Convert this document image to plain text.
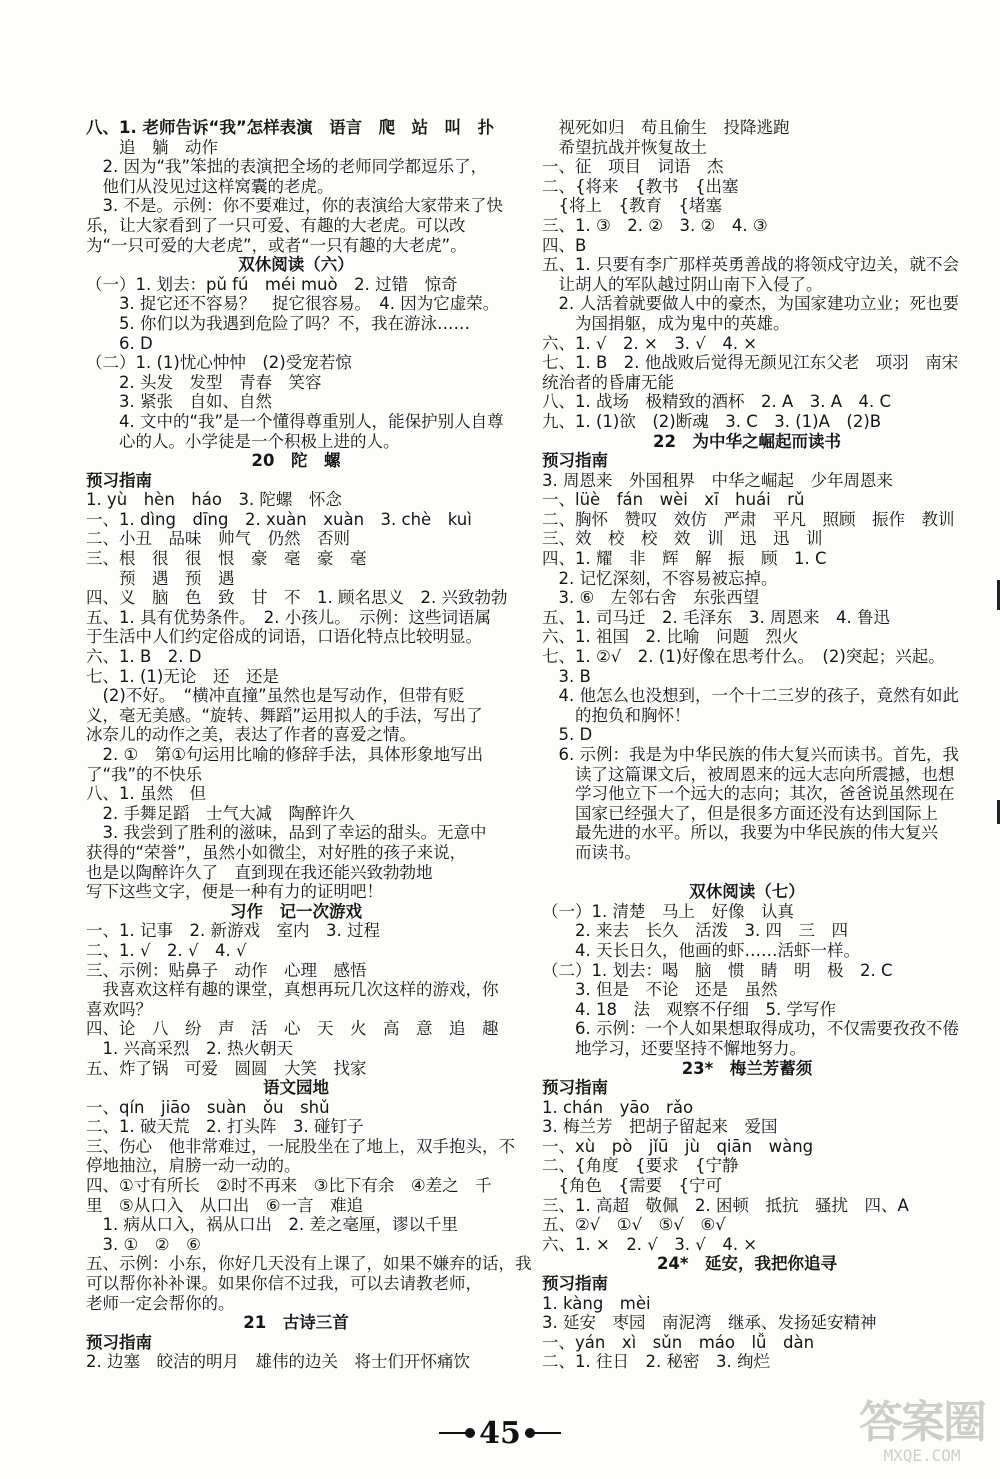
八、1. 老师告诉“我”怎样表演　语言　爬　站　叫　扑
追　躺　动作
2. 因为“我”笨拙的表演把全场的老师同学都逗乐了，
他们从没见过这样窝囊的老虎。
3. 不是。示例：你不要难过，你的表演给大家带来了快
乐，让大家看到了一只可爱、有趣的大老虎。可以改
为“一只可爱的大老虎”，或者“一只有趣的大老虎”。
双休阅读（六）
（一）1. 划去：pǔ fú　méi muò　2. 过错　惊奇
3. 捉它还不容易？　捉它很容易。　4. 因为它虚荣。
5. 你们以为我遇到危险了吗？不，我在游泳……
6. D
（二）1. (1)忧心忡忡　(2)受宠若惊
2. 头发　发型　青春　笑容
3. 紧张　自如、自然
4. 文中的“我”是一个懂得尊重别人，能保护别人自尊
心的人。小学徒是一个积极上进的人。
20　陀　螺
预习指南
1. yù　hèn　háo　3. 陀螺　怀念
一、1. dìng　dīng　2. xuàn　xuàn　3. chè　kuì
二、小丑　品味　帅气　仍然　否则
三、根　很　很　恨　豪　毫　豪　毫
预　遇　预　遇
四、义　脑　色　致　甘　不　1. 顾名思义　2. 兴致勃勃
五、1. 具有优势条件。　2. 小孩儿。　示例：这些词语属
于生活中人们约定俗成的词语，口语化特点比较明显。
六、1. B　2. D
七、1. (1)无论　还　还是
(2)不好。　“横冲直撞”虽然也是写动作，但带有贬
义，毫无美感。“旋转、舞蹈”运用拟人的手法，写出了
冰奈儿的动作之美，表达了作者的喜爱之情。
2. ①　第①句运用比喻的修辞手法，具体形象地写出
了“我”的不快乐
八、1. 虽然　但
2. 手舞足蹈　士气大减　陶醉许久
3. 我尝到了胜利的滋味，品到了幸运的甜头。无意中
获得的“荣誉”，虽然小如微尘，对好胜的孩子来说，
也是以陶醉许久了　直到现在我还能兴致勃勃地
写下这些文字，便是一种有力的证明吧！
习作　记一次游戏
一、1. 记事　2. 新游戏　室内　3. 过程
二、1. √　2. √　4. √
三、示例：贴鼻子　动作　心理　感悟
我喜欢这样有趣的课堂，真想再玩几次这样的游戏，你
喜欢吗？
四、论　八　纷　声　活　心　天　火　高　意　追　趣
1. 兴高采烈　2. 热火朝天
五、炸了锅　可爱　圆圆　大笑　找家
语文园地
一、qín　jiāo　suàn　ǒu　shǔ
二、1. 破天荒　2. 打头阵　3. 碰钉子
三、伤心　他非常难过，一屁股坐在了地上，双手抱头，不
停地抽泣，肩膀一动一动的。
四、①寸有所长　②时不再来　③比下有余　④差之　千
里　⑤从口入　从口出　⑥一言　难追
1. 病从口入，祸从口出　2. 差之毫厘，谬以千里
3. ①　②　⑥
五、示例：小东，你好几天没有上课了，如果不嫌弃的话，我
可以帮你补补课。如果你信不过我，可以去请教老师，
老师一定会帮你的。
21　古诗三首
预习指南
2. 边塞　皎洁的明月　雄伟的边关　将士们开怀痛饮
视死如归　苟且偷生　投降逃跑
希望抗战并恢复故土
一、征　项目　词语　杰
二、{将来　{教书　{出塞
{将上　{教育　{堵塞
三、1. ③　2. ②　3. ②　4. ③
四、B
五、1. 只要有李广那样英勇善战的将领戍守边关，就不会
让胡人的军队越过阴山南下入侵了。
2. 人活着就要做人中的豪杰，为国家建功立业；死也要
为国捐躯，成为鬼中的英雄。
六、1. √　2. ×　3. √　4. ×
七、1. B　2. 他战败后觉得无颜见江东父老　项羽　南宋
统治者的昏庸无能
八、1. 战场　极精致的酒杯　2. A　3. A　4. C
九、1. (1)欲　(2)断魂　3. C　3. (1)A　(2)B
22　为中华之崛起而读书
预习指南
3. 周恩来　外国租界　中华之崛起　少年周恩来
一、lüè　fán　wèi　xī　huái　rǔ
二、胸怀　赞叹　效仿　严肃　平凡　照顾　振作　教训
三、效　校　校　效　训　迅　迅　训
四、1. 耀　非　辉　解　振　顾　1. C
2. 记忆深刻，不容易被忘掉。
3. ⑥　左邻右舍　东张西望
五、1. 司马迁　2. 毛泽东　3. 周恩来　4. 鲁迅
六、1. 祖国　2. 比喻　问题　烈火
七、1. ②√　2. (1)好像在思考什么。　(2)突起；兴起。
3. B
4. 他怎么也没想到，一个十二三岁的孩子，竟然有如此
的抱负和胸怀！
5. D
6. 示例：我是为中华民族的伟大复兴而读书。首先，我
读了这篇课文后，被周恩来的远大志向所震撼，也想
学习他立下一个远大的志向；其次，爸爸说虽然现在
国家已经强大了，但是很多方面还没有达到国际上
最先进的水平。所以，我要为中华民族的伟大复兴
而读书。
双休阅读（七）
（一）1. 清楚　马上　好像　认真
2. 来去　长久　活泼　3. 四　三　四
4. 天长日久，他画的虾……活虾一样。
（二）1. 划去：喝　脑　惯　睛　明　极　2. C
3. 但是　不论　还是　虽然
4. 18　法　观察不仔细　5. 学写作
6. 示例：一个人如果想取得成功，不仅需要孜孜不倦
地学习，还要坚持不懈地努力。
23*　梅兰芳蓄须
预习指南
1. chán　yāo　rǎo
3. 梅兰芳　把胡子留起来　爱国
一、xù　pò　jǐū　jù　qiān　wàng
二、{角度　{要求　{宁静
{角色　{需要　{宁可
三、1. 高超　敬佩　2. 困顿　抵抗　骚扰　四、A
五、②√　①√　⑤√　⑥√
六、1. ×　2. √　3. √　4. ×
24*　延安，我把你追寻
预习指南
1. kàng　mèi
3. 延安　枣园　南泥湾　继承、发扬延安精神
一、yán　xì　sǔn　máo　lǚ　dàn
二、1. 往日　2. 秘密　3. 绚烂
45	答案圈
MXQE.COM
